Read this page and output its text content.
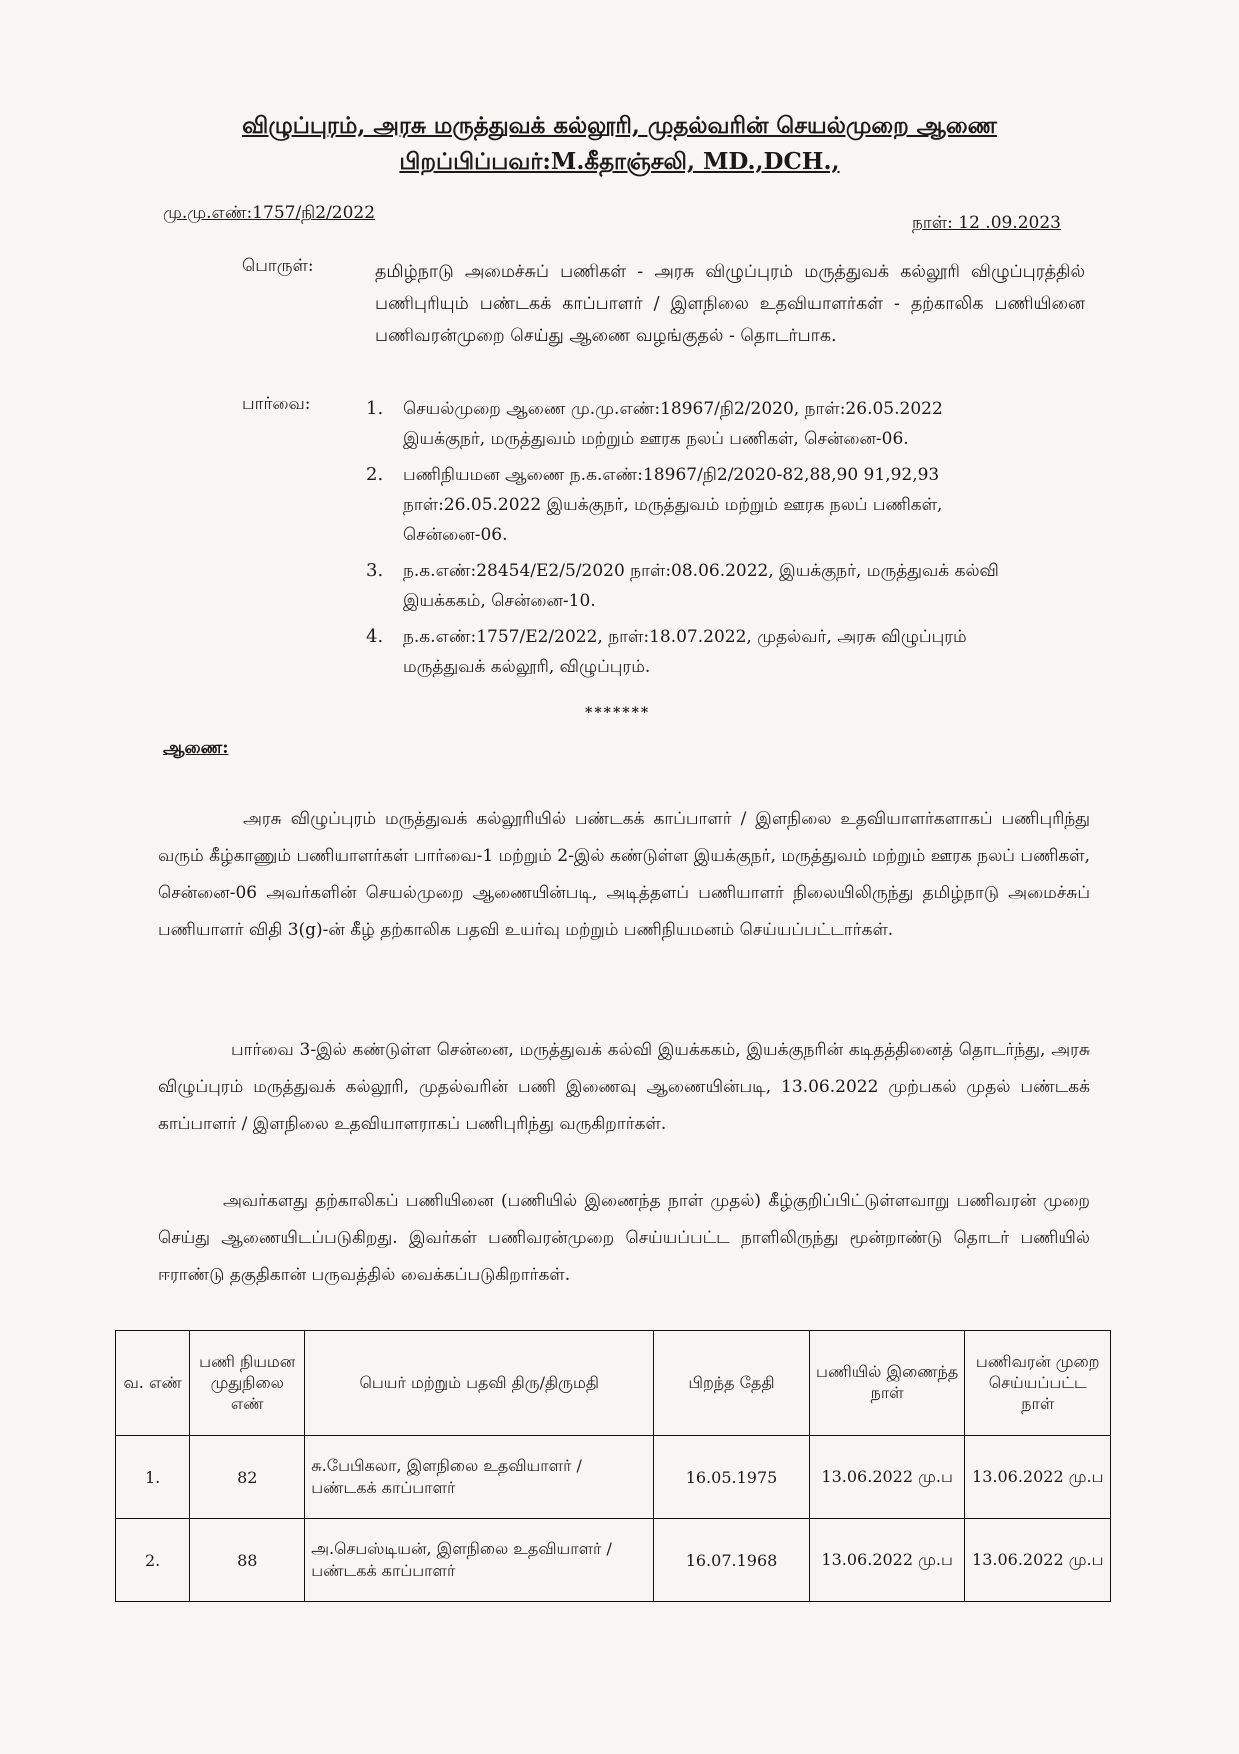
விழுப்புரம், அரசு மருத்துவக் கல்லூரி, முதல்வரின் செயல்முறை ஆணை
பிறப்பிப்பவர்:M.கீதாஞ்சலி, MD.,DCH.,
மு.மு.எண்:1757/நி2/2022	நாள்: 12 .09.2023
பொருள்:	தமிழ்நாடு அமைச்சுப் பணிகள் - அரசு விழுப்புரம் மருத்துவக் கல்லூரி விழுப்புரத்தில் பணிபுரியும் பண்டகக் காப்பாளர் / இளநிலை உதவியாளர்கள் - தற்காலிக பணியினை பணிவரன்முறை செய்து ஆணை வழங்குதல் - தொடர்பாக.
பார்வை:	1. செயல்முறை ஆணை மு.மு.எண்:18967/நி2/2020, நாள்:26.05.2022 இயக்குநர், மருத்துவம் மற்றும் ஊரக நலப் பணிகள், சென்னை-06.
2. பணிநியமன ஆணை ந.க.எண்:18967/நி2/2020-82,88,90 91,92,93 நாள்:26.05.2022 இயக்குநர், மருத்துவம் மற்றும் ஊரக நலப் பணிகள், சென்னை-06.
3. ந.க.எண்:28454/E2/5/2020 நாள்:08.06.2022, இயக்குநர், மருத்துவக் கல்வி இயக்ககம், சென்னை-10.
4. ந.க.எண்:1757/E2/2022, நாள்:18.07.2022, முதல்வர், அரசு விழுப்புரம் மருத்துவக் கல்லூரி, விழுப்புரம்.
*******
ஆணை:

அரசு விழுப்புரம் மருத்துவக் கல்லூரியில் பண்டகக் காப்பாளர் / இளநிலை உதவியாளர்களாகப் பணிபுரிந்து வரும் கீழ்காணும் பணியாளர்கள் பார்வை-1 மற்றும் 2-இல் கண்டுள்ள இயக்குநர், மருத்துவம் மற்றும் ஊரக நலப் பணிகள், சென்னை-06 அவர்களின் செயல்முறை ஆணையின்படி, அடித்தளப் பணியாளர் நிலையிலிருந்து தமிழ்நாடு அமைச்சுப் பணியாளர் விதி 3(g)-ன் கீழ் தற்காலிக பதவி உயர்வு மற்றும் பணிநியமனம் செய்யப்பட்டார்கள்.

பார்வை 3-இல் கண்டுள்ள சென்னை, மருத்துவக் கல்வி இயக்ககம், இயக்குநரின் கடிதத்தினைத் தொடர்ந்து, அரசு விழுப்புரம் மருத்துவக் கல்லூரி, முதல்வரின் பணி இணைவு ஆணையின்படி, 13.06.2022 முற்பகல் முதல் பண்டகக் காப்பாளர் / இளநிலை உதவியாளராகப் பணிபுரிந்து வருகிறார்கள்.

அவர்களது தற்காலிகப் பணியினை (பணியில் இணைந்த நாள் முதல்) கீழ்குறிப்பிட்டுள்ளவாறு பணிவரன் முறை செய்து ஆணையிடப்படுகிறது. இவர்கள் பணிவரன்முறை செய்யப்பட்ட நாளிலிருந்து மூன்றாண்டு தொடர் பணியில் ஈராண்டு தகுதிகான் பருவத்தில் வைக்கப்படுகிறார்கள்.

வ. எண்	பணி நியமன முதுநிலை எண்	பெயர் மற்றும் பதவி திரு/திருமதி	பிறந்த தேதி	பணியில் இணைந்த நாள்	பணிவரன் முறை செய்யப்பட்ட நாள்
1.	82	சு.பேபிகலா, இளநிலை உதவியாளர் / பண்டகக் காப்பாளர்	16.05.1975	13.06.2022 மு.ப	13.06.2022 மு.ப
2.	88	அ.செபஸ்டியன், இளநிலை உதவியாளர் / பண்டகக் காப்பாளர்	16.07.1968	13.06.2022 மு.ப	13.06.2022 மு.ப
